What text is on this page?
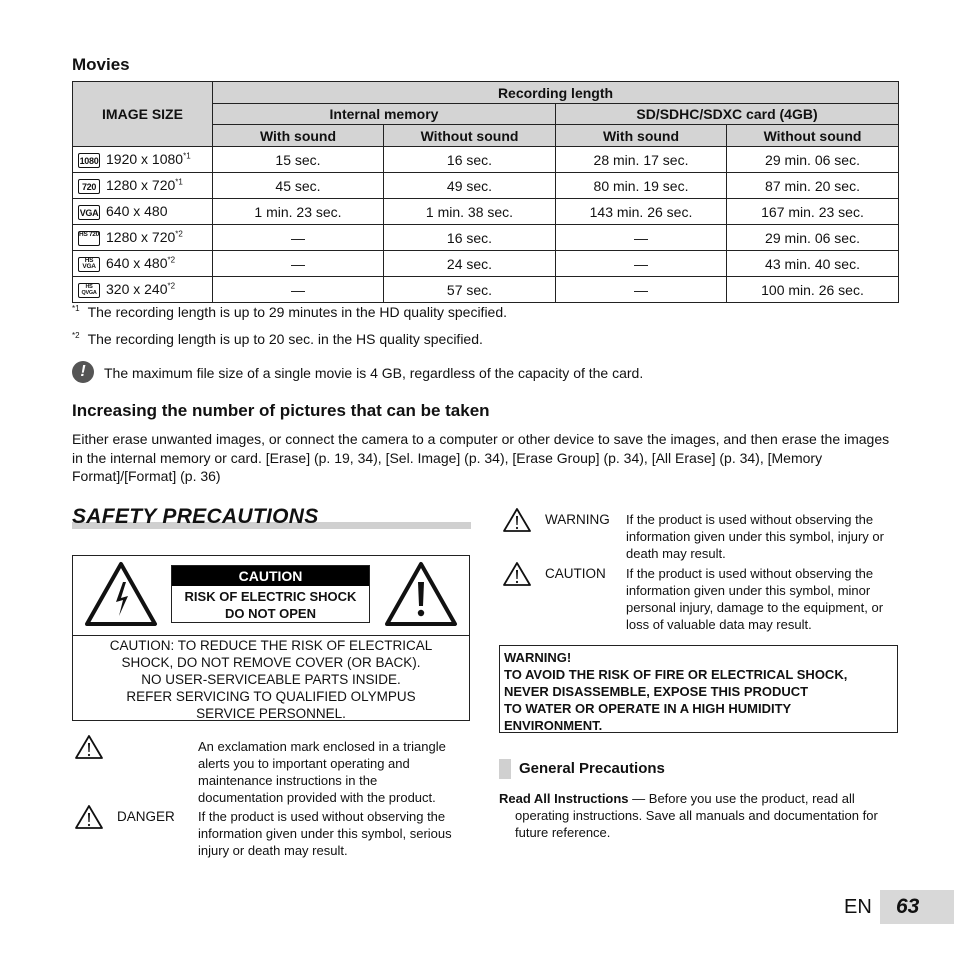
Movies
IMAGE SIZE	Recording length			
	Internal memory		SD/SDHC/SDXC card (4GB)	
	With sound	Without sound	With sound	Without sound
1080 1920 x 1080$^{*1}$	15 sec.	16 sec.	28 min. 17 sec.	29 min. 06 sec.
720 1280 x 720$^{*1}$	45 sec.	49 sec.	80 min. 19 sec.	87 min. 20 sec.
VGA 640 x 480	1 min. 23 sec.	1 min. 38 sec.	143 min. 26 sec.	167 min. 23 sec.
HS 720 1280 x 720$^{*2}$	—	16 sec.	—	29 min. 06 sec.
HS VGA 640 x 480$^{*2}$	—	24 sec.	—	43 min. 40 sec.
HS QVGA 320 x 240$^{*2}$	—	57 sec.	—	100 min. 26 sec.
$^{*1}$ The recording length is up to 29 minutes in the HD quality specified.
$^{*2}$ The recording length is up to 20 sec. in the HS quality specified.
!	The maximum file size of a single movie is 4 GB, regardless of the capacity of the card.
Increasing the number of pictures that can be taken
Either erase unwanted images, or connect the camera to a computer or other device to save the images, and then erase the images in the internal memory or card. [Erase] (p. 19, 34), [Sel. Image] (p. 34), [Erase Group] (p. 34), [All Erase] (p. 34), [Memory Format]/[Format] (p. 36)
SAFETY PRECAUTIONS
CAUTION
RISK OF ELECTRIC SHOCK
DO NOT OPEN
CAUTION: TO REDUCE THE RISK OF ELECTRICAL
SHOCK, DO NOT REMOVE COVER (OR BACK).
NO USER-SERVICEABLE PARTS INSIDE.
REFER SERVICING TO QUALIFIED OLYMPUS
SERVICE PERSONNEL.
An exclamation mark enclosed in a triangle alerts you to important operating and maintenance instructions in the documentation provided with the product.
DANGER If the product is used without observing the information given under this symbol, serious injury or death may result.
WARNING If the product is used without observing the information given under this symbol, injury or death may result.
CAUTION If the product is used without observing the information given under this symbol, minor personal injury, damage to the equipment, or loss of valuable data may result.
WARNING!
TO AVOID THE RISK OF FIRE OR ELECTRICAL SHOCK,
NEVER DISASSEMBLE, EXPOSE THIS PRODUCT
TO WATER OR OPERATE IN A HIGH HUMIDITY
ENVIRONMENT.
General Precautions
Read All Instructions — Before you use the product, read all
operating instructions. Save all manuals and documentation for future reference.
EN 63
